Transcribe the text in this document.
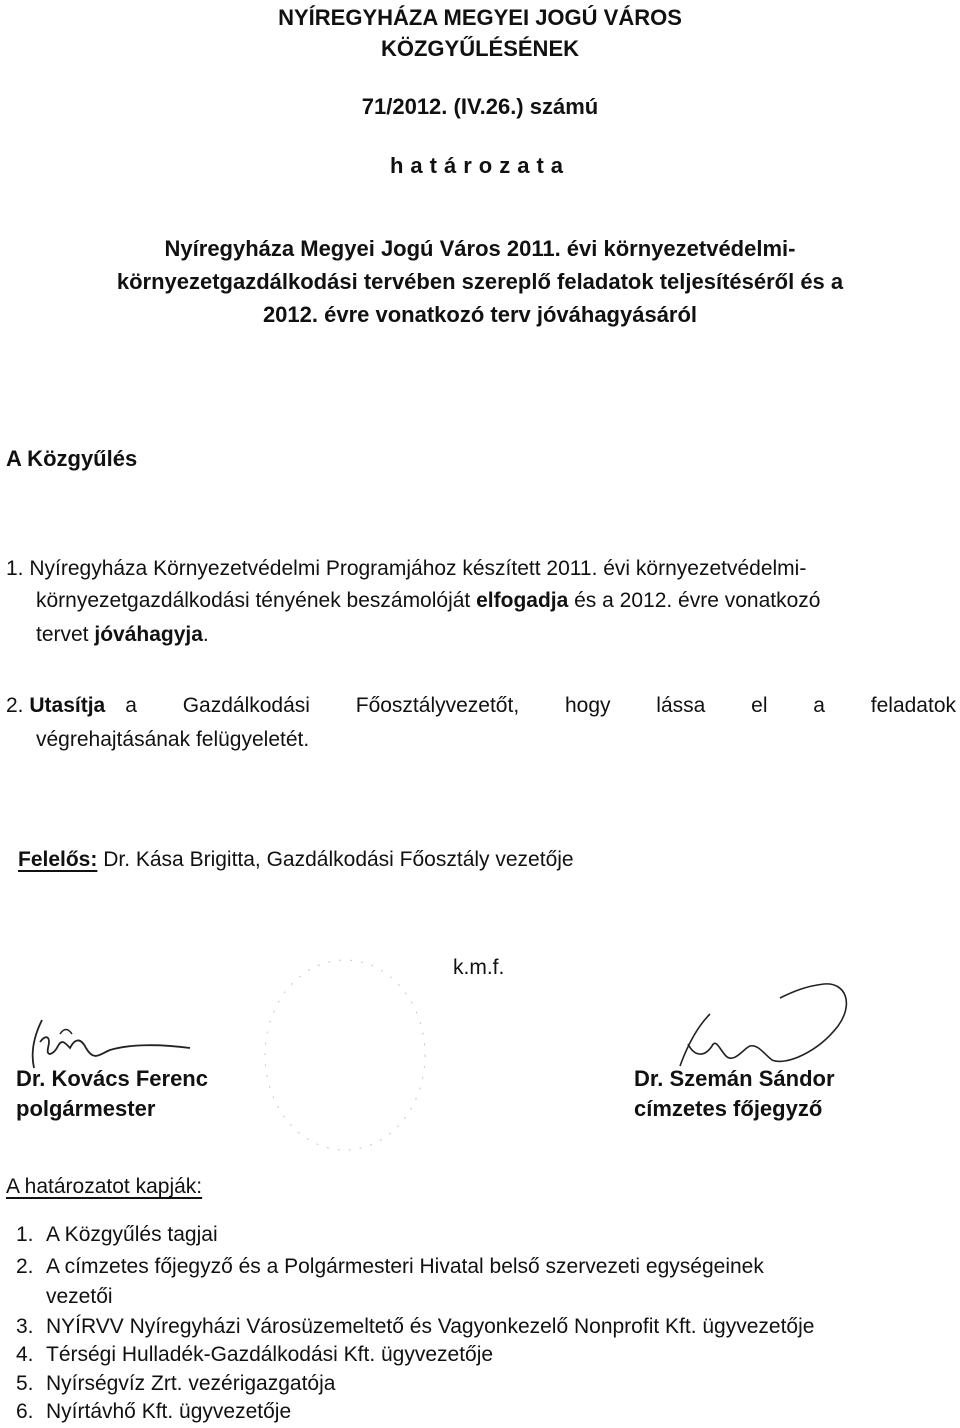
NYÍREGYHÁZA MEGYEI JOGÚ VÁROS
KÖZGYŰLÉSÉNEK
71/2012. (IV.26.) számú
határozata
Nyíregyháza Megyei Jogú Város 2011. évi környezetvédelmi-
környezetgazdálkodási tervében szereplő feladatok teljesítéséről és a
2012. évre vonatkozó terv jóváhagyásáról
A Közgyűlés
1. Nyíregyháza Környezetvédelmi Programjához készített 2011. évi környezetvédelmi-
környezetgazdálkodási tényének beszámolóját elfogadja és a 2012. évre vonatkozó
tervet jóváhagyja.
2. Utasítja a Gazdálkodási Főosztályvezetőt, hogy lássa el a feladatok
végrehajtásának felügyeletét.
Felelős: Dr. Kása Brigitta, Gazdálkodási Főosztály vezetője
k.m.f.
Dr. Kovács Ferenc
polgármester
Dr. Szemán Sándor
címzetes főjegyző
A határozatot kapják:
1. A Közgyűlés tagjai
2. A címzetes főjegyző és a Polgármesteri Hivatal belső szervezeti egységeinek
vezetői
3. NYÍRVV Nyíregyházi Városüzemeltető és Vagyonkezelő Nonprofit Kft. ügyvezetője
4. Térségi Hulladék-Gazdálkodási Kft. ügyvezetője
5. Nyírségvíz Zrt. vezérigazgatója
6. Nyírtávhő Kft. ügyvezetője
